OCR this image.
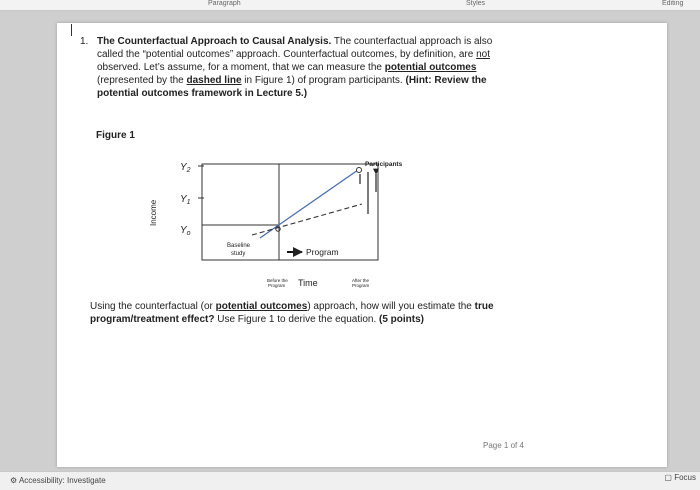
Paragraph	Styles	Editing
1. The Counterfactual Approach to Causal Analysis. The counterfactual approach is also called the “potential outcomes” approach. Counterfactual outcomes, by definition, are not observed. Let’s assume, for a moment, that we can measure the potential outcomes (represented by the dashed line in Figure 1) of program participants. (Hint: Review the potential outcomes framework in Lecture 5.)
Figure 1
Income
$Y_2$
$Y_1$
$Y_o$
Participants
Baseline
study	Program
Time
Before the
Program
After the
Program
Using the counterfactual (or potential outcomes) approach, how will you estimate the true program/treatment effect? Use Figure 1 to derive the equation. (5 points)
Page 1 of 4
⚙ Accessibility: Investigate	▢ Focus
